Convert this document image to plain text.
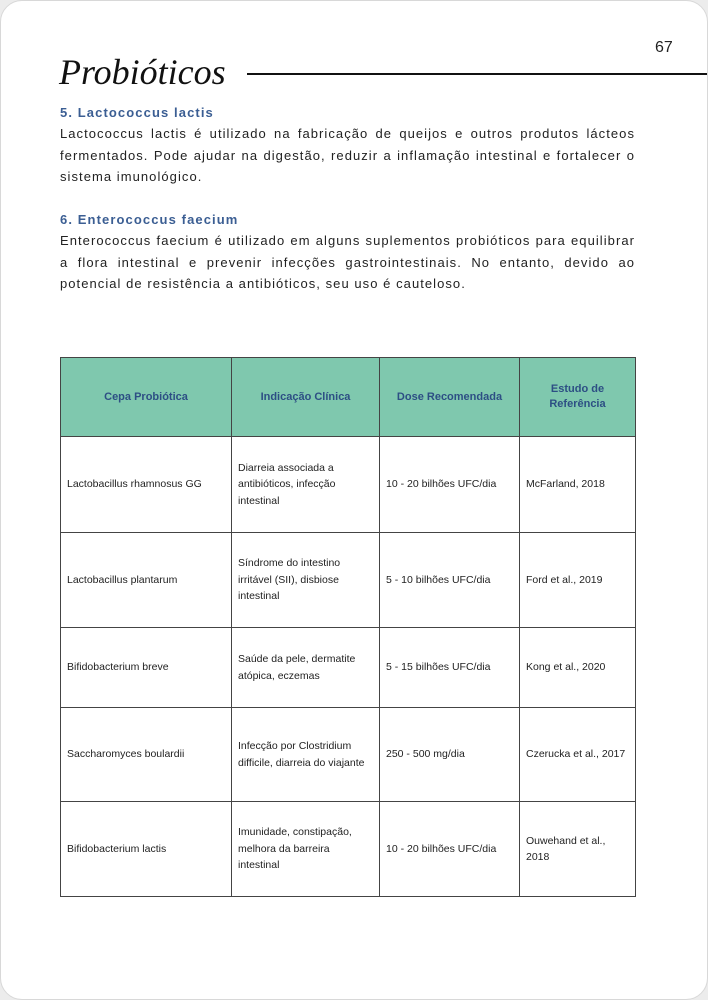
67
Probióticos
5. Lactococcus lactis

Lactococcus lactis é utilizado na fabricação de queijos e outros produtos lácteos fermentados. Pode ajudar na digestão, reduzir a inflamação intestinal e fortalecer o sistema imunológico.

6. Enterococcus faecium

Enterococcus faecium é utilizado em alguns suplementos probióticos para equilibrar a flora intestinal e prevenir infecções gastrointestinais. No entanto, devido ao potencial de resistência a antibióticos, seu uso é cauteloso.

Cepa Probiótica	Indicação Clínica	Dose Recomendada	Estudo de Referência
Lactobacillus rhamnosus GG	Diarreia associada a antibióticos, infecção intestinal	10 - 20 bilhões UFC/dia	McFarland, 2018
Lactobacillus plantarum	Síndrome do intestino irritável (SII), disbiose intestinal	5 - 10 bilhões UFC/dia	Ford et al., 2019
Bifidobacterium breve	Saúde da pele, dermatite atópica, eczemas	5 - 15 bilhões UFC/dia	Kong et al., 2020
Saccharomyces boulardii	Infecção por Clostridium difficile, diarreia do viajante	250 - 500 mg/dia	Czerucka et al., 2017
Bifidobacterium lactis	Imunidade, constipação, melhora da barreira intestinal	10 - 20 bilhões UFC/dia	Ouwehand et al., 2018
